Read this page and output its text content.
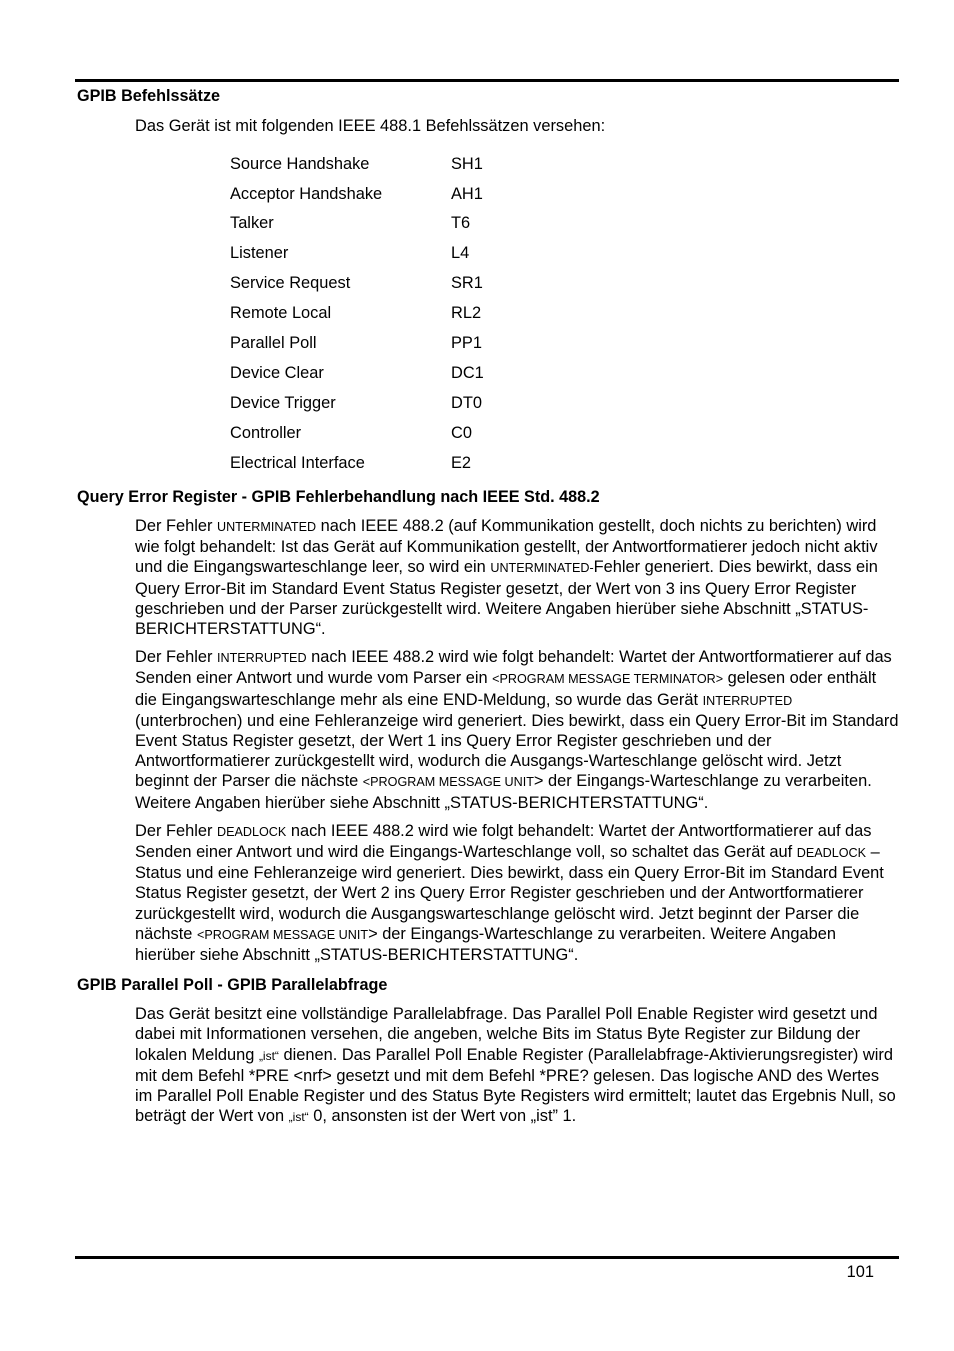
GPIB Befehlssätze

Das Gerät ist mit folgenden IEEE 488.1 Befehlssätzen versehen:

Source Handshake	SH1
Acceptor Handshake	AH1
Talker	T6
Listener	L4
Service Request	SR1
Remote Local	RL2
Parallel Poll	PP1
Device Clear	DC1
Device Trigger	DT0
Controller	C0
Electrical Interface	E2
Query Error Register - GPIB Fehlerbehandlung nach IEEE Std. 488.2

Der Fehler UNTERMINATED nach IEEE 488.2 (auf Kommunikation gestellt, doch nichts zu berichten) wird wie folgt behandelt: Ist das Gerät auf Kommunikation gestellt, der Antwortformatierer jedoch nicht aktiv und die Eingangswarteschlange leer, so wird ein UNTERMINATED-Fehler generiert. Dies bewirkt, dass ein Query Error-Bit im Standard Event Status Register gesetzt, der Wert von 3 ins Query Error Register geschrieben und der Parser zurückgestellt wird. Weitere Angaben hierüber siehe Abschnitt „STATUS-BERICHTERSTATTUNG“.

Der Fehler INTERRUPTED nach IEEE 488.2 wird wie folgt behandelt: Wartet der Antwortformatierer auf das Senden einer Antwort und wurde vom Parser ein <PROGRAM MESSAGE TERMINATOR> gelesen oder enthält die Eingangswarteschlange mehr als eine END-Meldung, so wurde das Gerät INTERRUPTED (unterbrochen) und eine Fehleranzeige wird generiert. Dies bewirkt, dass ein Query Error-Bit im Standard Event Status Register gesetzt, der Wert 1 ins Query Error Register geschrieben und der Antwortformatierer zurückgestellt wird, wodurch die Ausgangs-Warteschlange gelöscht wird. Jetzt beginnt der Parser die nächste <PROGRAM MESSAGE UNIT> der Eingangs-Warteschlange zu verarbeiten. Weitere Angaben hierüber siehe Abschnitt „STATUS-BERICHTERSTATTUNG“.

Der Fehler DEADLOCK nach IEEE 488.2 wird wie folgt behandelt: Wartet der Antwortformatierer auf das Senden einer Antwort und wird die Eingangs-Warteschlange voll, so schaltet das Gerät auf DEADLOCK –Status und eine Fehleranzeige wird generiert. Dies bewirkt, dass ein Query Error-Bit im Standard Event Status Register gesetzt, der Wert 2 ins Query Error Register geschrieben und der Antwortformatierer zurückgestellt wird, wodurch die Ausgangswarteschlange gelöscht wird. Jetzt beginnt der Parser die nächste <PROGRAM MESSAGE UNIT> der Eingangs-Warteschlange zu verarbeiten. Weitere Angaben hierüber siehe Abschnitt „STATUS-BERICHTERSTATTUNG“.

GPIB Parallel Poll - GPIB Parallelabfrage

Das Gerät besitzt eine vollständige Parallelabfrage. Das Parallel Poll Enable Register wird gesetzt und dabei mit Informationen versehen, die angeben, welche Bits im Status Byte Register zur Bildung der lokalen Meldung „ist“ dienen. Das Parallel Poll Enable Register (Parallelabfrage-Aktivierungsregister) wird mit dem Befehl *PRE <nrf> gesetzt und mit dem Befehl *PRE? gelesen. Das logische AND des Wertes im Parallel Poll Enable Register und des Status Byte Registers wird ermittelt; lautet das Ergebnis Null, so beträgt der Wert von „ist“ 0, ansonsten ist der Wert von „ist” 1.

101
